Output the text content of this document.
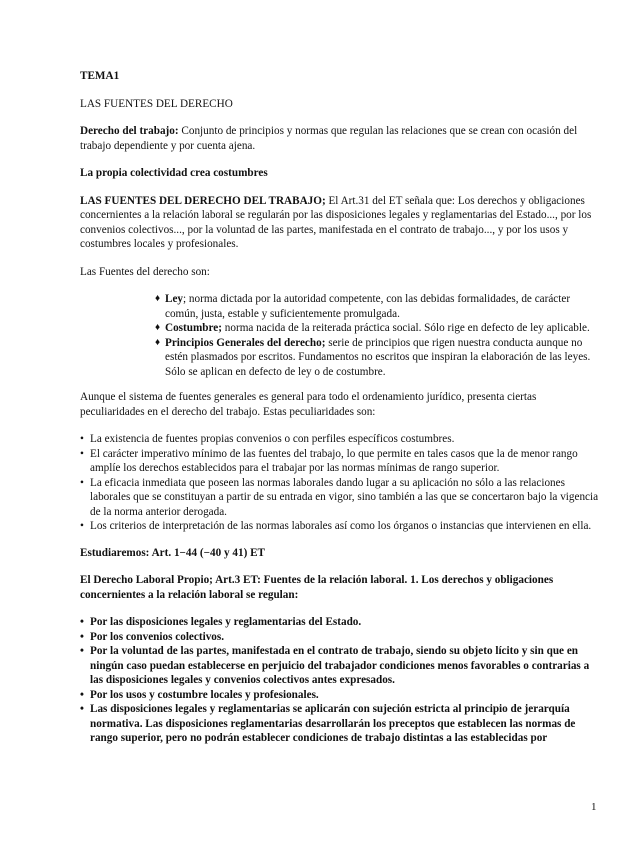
TEMA1

LAS FUENTES DEL DERECHO

Derecho del trabajo: Conjunto de principios y normas que regulan las relaciones que se crean con ocasión del trabajo dependiente y por cuenta ajena.

La propia colectividad crea costumbres

LAS FUENTES DEL DERECHO DEL TRABAJO; El Art.31 del ET señala que: Los derechos y obligaciones concernientes a la relación laboral se regularán por las disposiciones legales y reglamentarias del Estado..., por los convenios colectivos..., por la voluntad de las partes, manifestada en el contrato de trabajo..., y por los usos y costumbres locales y profesionales.

Las Fuentes del derecho son:

♦ Ley; norma dictada por la autoridad competente, con las debidas formalidades, de carácter común, justa, estable y suficientemente promulgada.
♦ Costumbre; norma nacida de la reiterada práctica social. Sólo rige en defecto de ley aplicable.
♦ Principios Generales del derecho; serie de principios que rigen nuestra conducta aunque no estén plasmados por escritos. Fundamentos no escritos que inspiran la elaboración de las leyes. Sólo se aplican en defecto de ley o de costumbre.

Aunque el sistema de fuentes generales es general para todo el ordenamiento jurídico, presenta ciertas peculiaridades en el derecho del trabajo. Estas peculiaridades son:

• La existencia de fuentes propias convenios o con perfiles específicos costumbres.
• El carácter imperativo mínimo de las fuentes del trabajo, lo que permite en tales casos que la de menor rango amplíe los derechos establecidos para el trabajar por las normas mínimas de rango superior.
• La eficacia inmediata que poseen las normas laborales dando lugar a su aplicación no sólo a las relaciones laborales que se constituyan a partir de su entrada en vigor, sino también a las que se concertaron bajo la vigencia de la norma anterior derogada.
• Los criterios de interpretación de las normas laborales así como los órganos o instancias que intervienen en ella.

Estudiaremos: Art. 1−44 (−40 y 41) ET

El Derecho Laboral Propio; Art.3 ET: Fuentes de la relación laboral. 1. Los derechos y obligaciones concernientes a la relación laboral se regulan:

• Por las disposiciones legales y reglamentarias del Estado.
• Por los convenios colectivos.
• Por la voluntad de las partes, manifestada en el contrato de trabajo, siendo su objeto lícito y sin que en ningún caso puedan establecerse en perjuicio del trabajador condiciones menos favorables o contrarias a las disposiciones legales y convenios colectivos antes expresados.
• Por los usos y costumbre locales y profesionales.
• Las disposiciones legales y reglamentarias se aplicarán con sujeción estricta al principio de jerarquía normativa. Las disposiciones reglamentarias desarrollarán los preceptos que establecen las normas de rango superior, pero no podrán establecer condiciones de trabajo distintas a las establecidas por
1
